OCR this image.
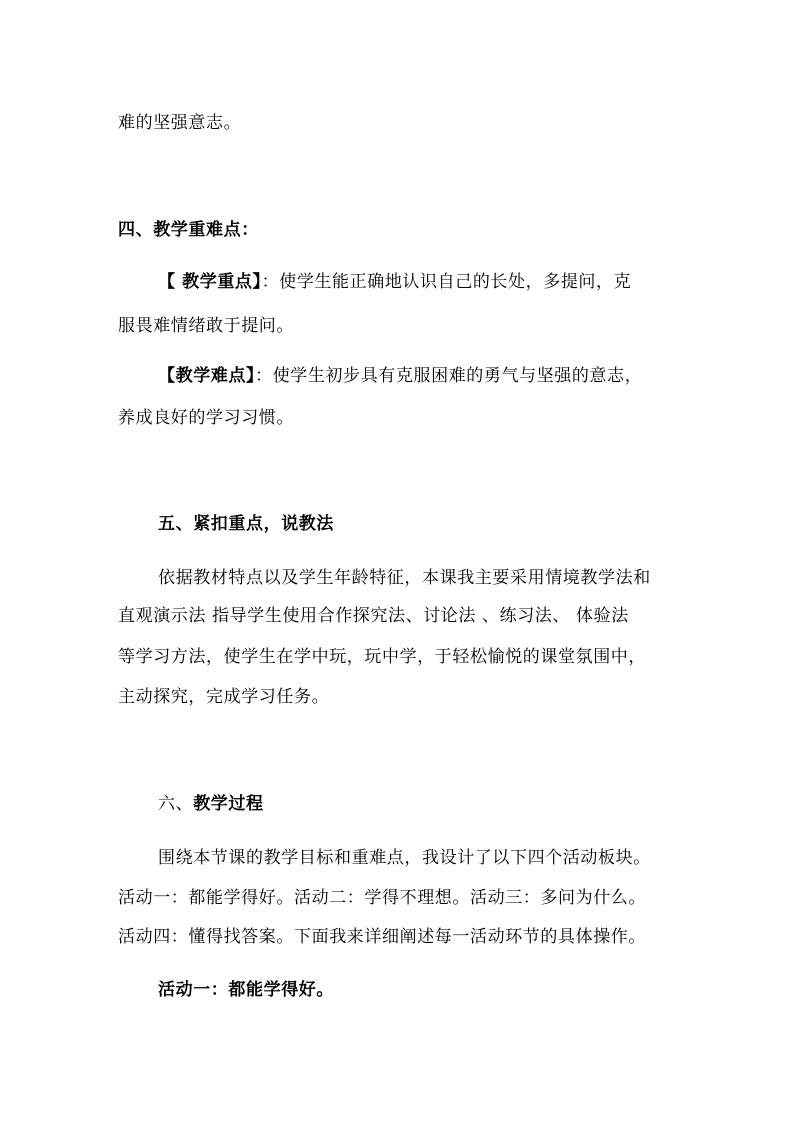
难的坚强意志。
四、教学重难点：
【 教学重点】：使学生能正确地认识自己的长处，多提问，克
服畏难情绪敢于提问。
【教学难点】：使学生初步具有克服困难的勇气与坚强的意志，
养成良好的学习习惯。
五、紧扣重点，说教法
依据教材特点以及学生年龄特征，本课我主要采用情境教学法和
直观演示法 指导学生使用合作探究法、讨论法 、练习法、 体验法
等学习方法，使学生在学中玩，玩中学，于轻松愉悦的课堂氛围中，
主动探究，完成学习任务。
六、教学过程
围绕本节课的教学目标和重难点，我设计了以下四个活动板块。
活动一：都能学得好。活动二：学得不理想。活动三：多问为什么。
活动四：懂得找答案。下面我来详细阐述每一活动环节的具体操作。
活动一：都能学得好。
